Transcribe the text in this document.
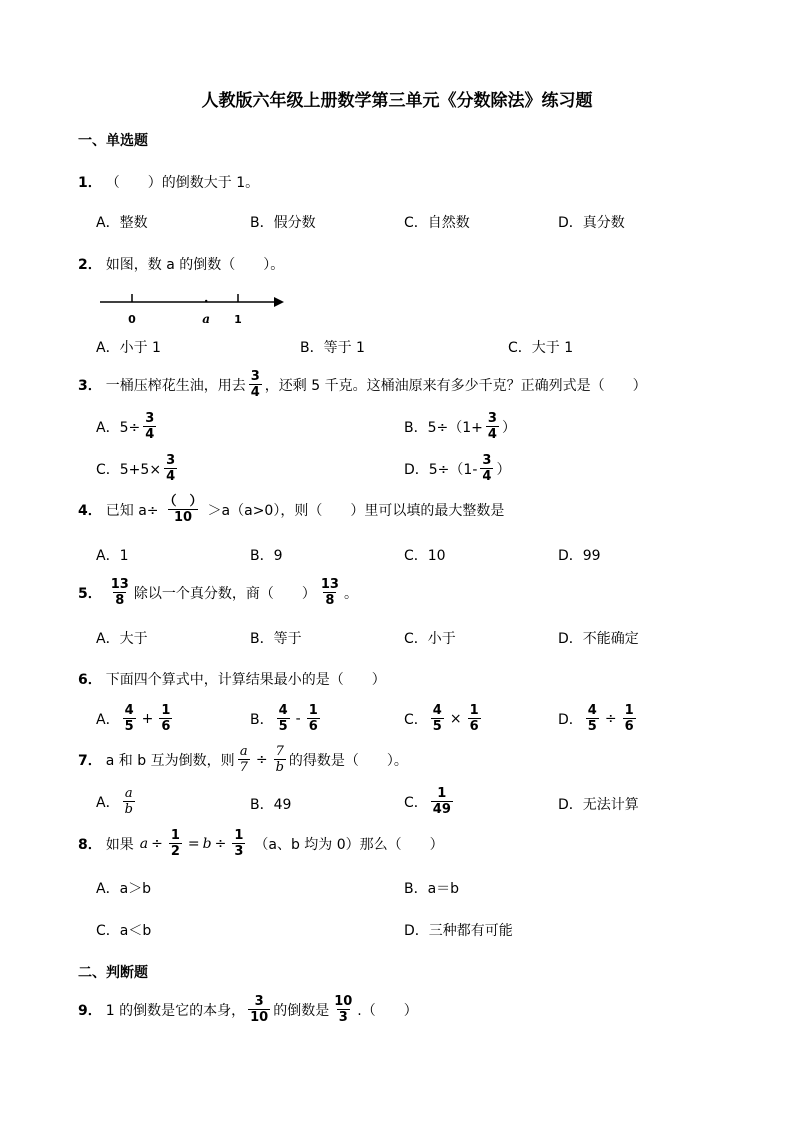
人教版六年级上册数学第三单元《分数除法》练习题
一、单选题
1． （　　）的倒数大于 1。
A．整数	B．假分数	C．自然数	D．真分数
2． 如图，数 a 的倒数（　　）。
0	a 1
A．小于 1	B．等于 1	C．大于 1
3． 一桶压榨花生油，用去 $\frac{3}{4}$ ，还剩 5 千克。这桶油原来有多少千克？正确列式是（　　）
A．$5\div \frac{3}{4}$	B．$5\div(1+ \frac{3}{4}$ ）
C．$5+5\times \frac{3}{4}$	D．$5\div(1- \frac{3}{4}$ ）
4． 已知 $a\div \frac{( )}{10} >a(a>0)$，则（　　）里可以填的最大整数是
A．1	B．9	C．10	D．99
5． $\frac{13}{8}$ 除以一个真分数，商（　　） $\frac{13}{8}$ 。
A．大于	B．等于	C．小于	D．不能确定
6． 下面四个算式中，计算结果最小的是（　　）
A． $\frac{4}{5} + \frac{1}{6}$	B． $\frac{4}{5} - \frac{1}{6}$	C． $\frac{4}{5} \times \frac{1}{6}$	D． $\frac{4}{5} \div \frac{1}{6}$
7． a 和 b 互为倒数，则 $\frac{a}{7} \div \frac{7}{b}$ 的得数是（　　）。
A． $\frac{a}{b}$	B．49	C． $\frac{1}{49}$	D．无法计算
8． 如果 $a \div \frac{1}{2} = b \div \frac{1}{3} (a$、b 均为 0）那么（　　）
A．a＞b	B．a＝b
C．a＜b	D．三种都有可能
二、判断题
9． 1 的倒数是它的本身， $\frac{3}{10}$ 的倒数是 $\frac{10}{3}$ .（　　）
